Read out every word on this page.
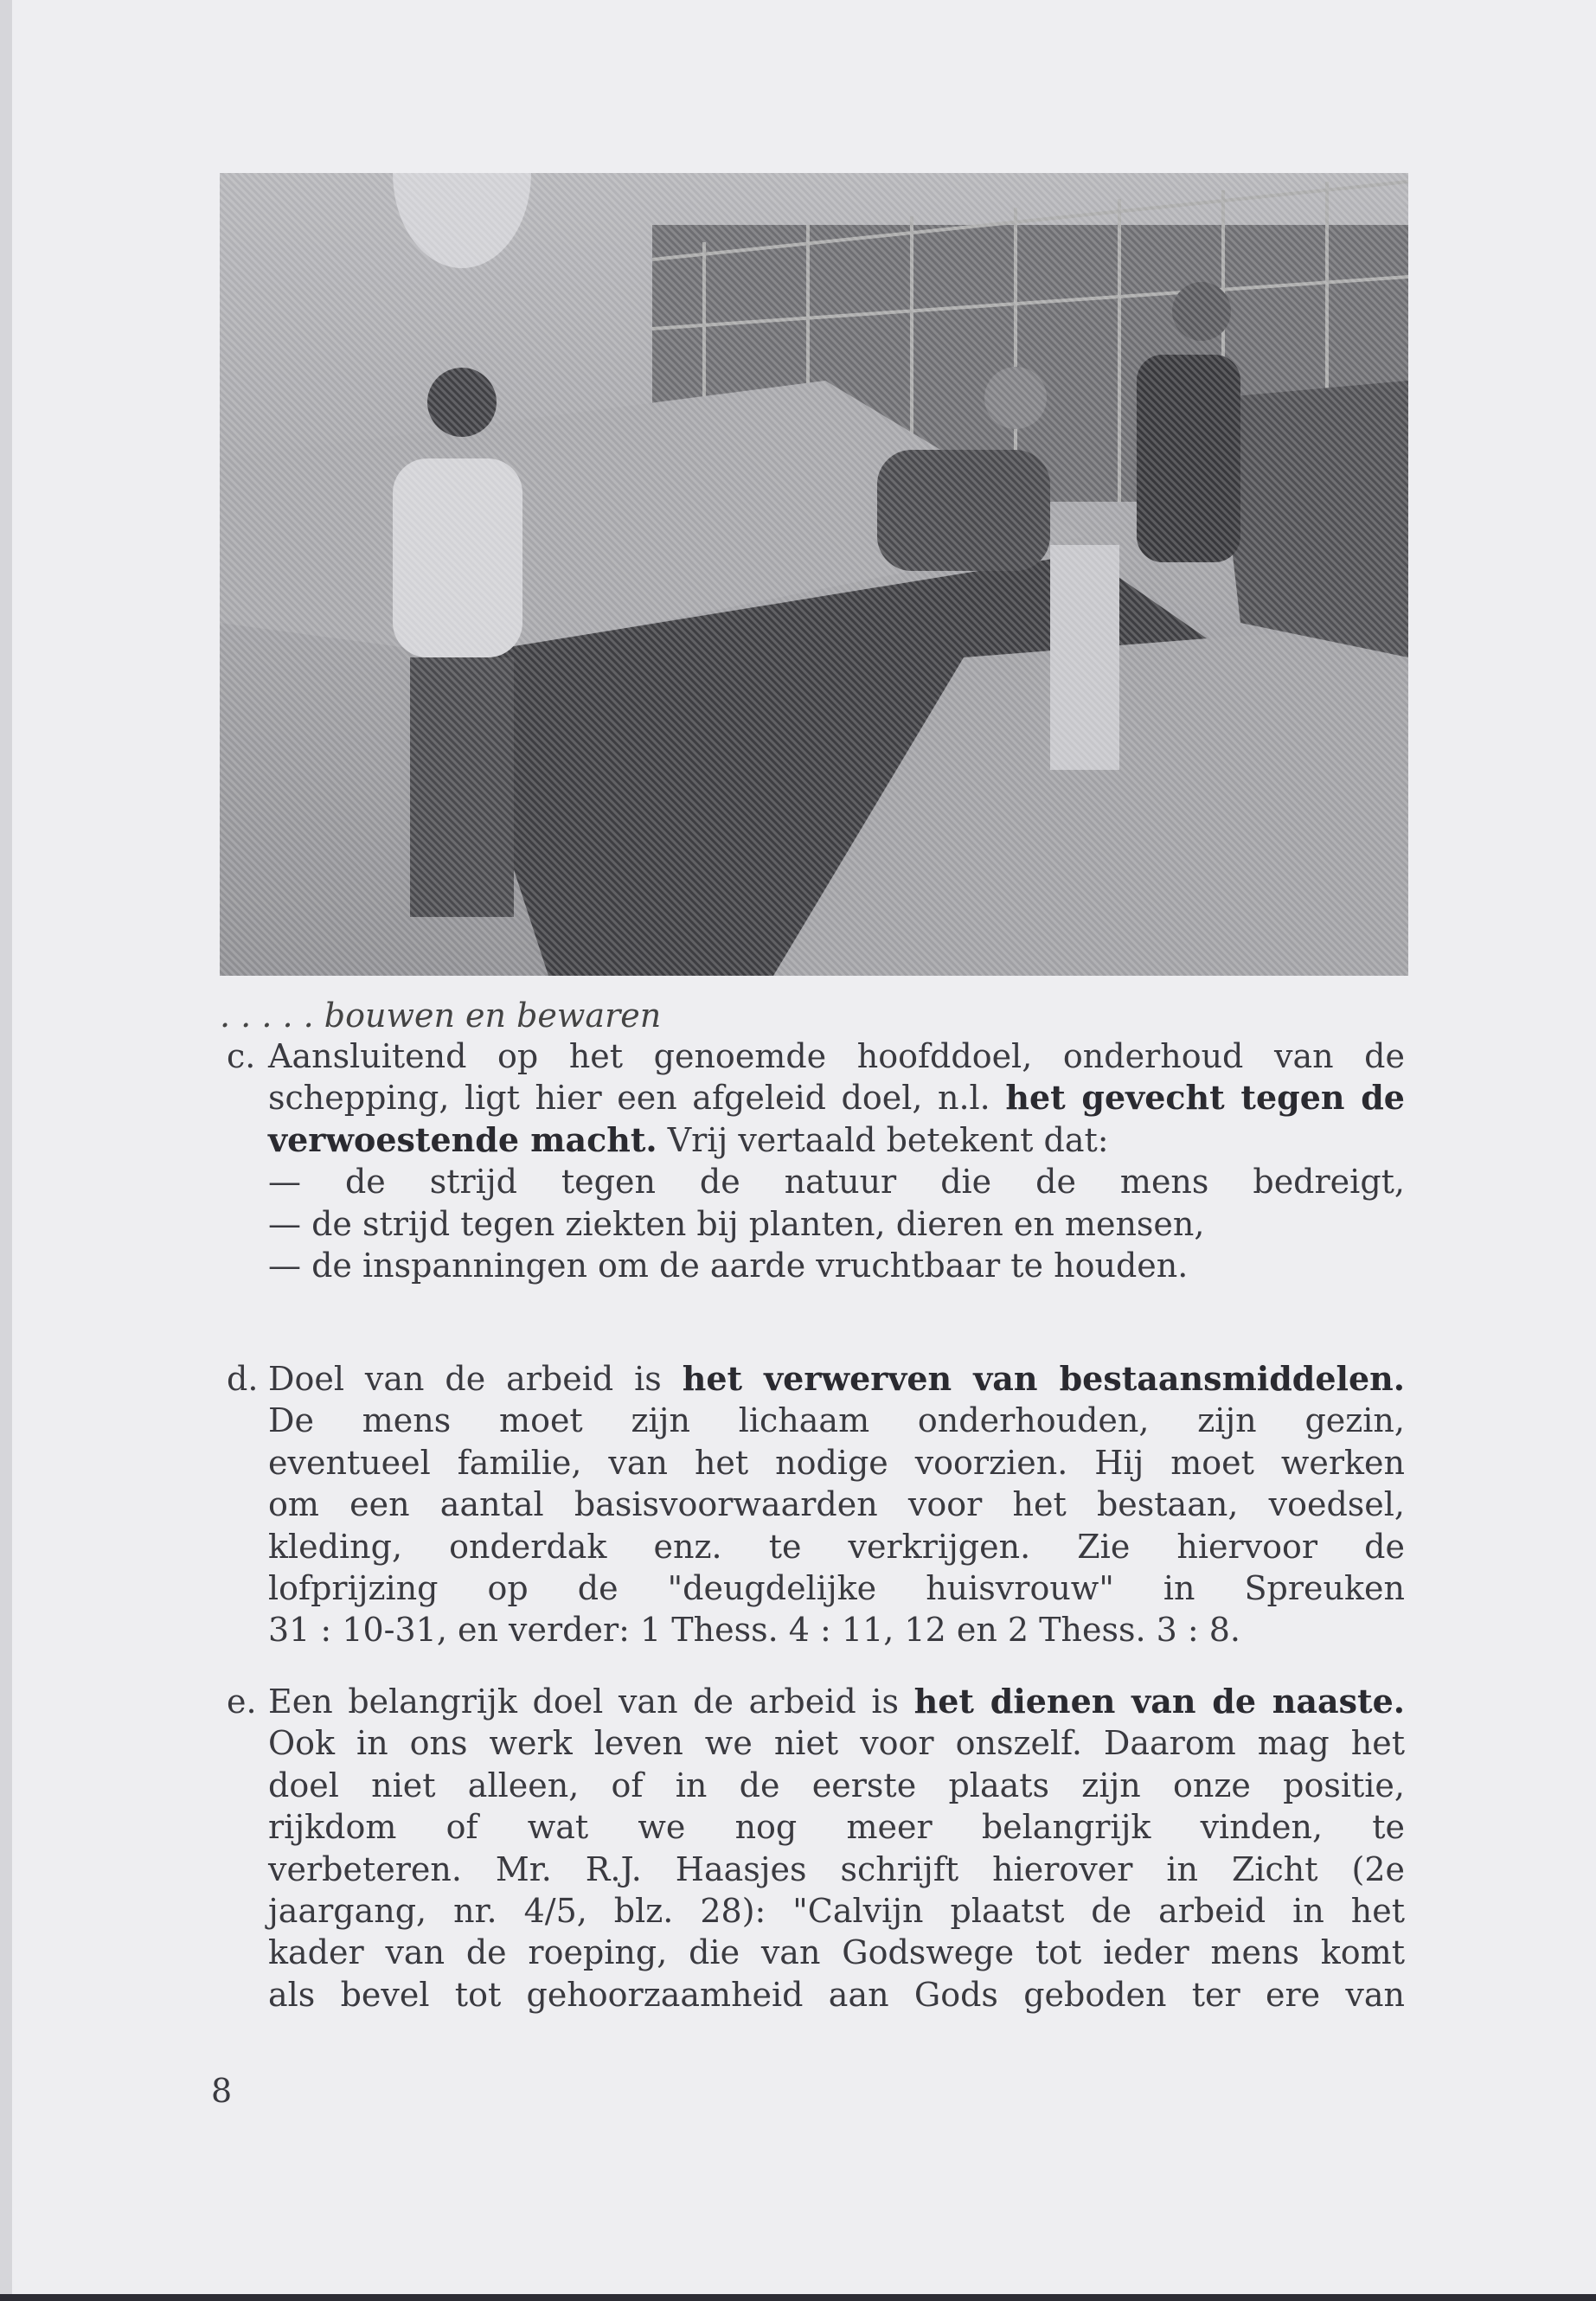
. . . . . bouwen en bewaren
c. Aansluitend op het genoemde hoofddoel, onderhoud van de
schepping, ligt hier een afgeleid doel, n.l. het gevecht tegen de
verwoestende macht. Vrij vertaald betekent dat:
— de strijd tegen de natuur die de mens bedreigt,
— de strijd tegen ziekten bij planten, dieren en mensen,
— de inspanningen om de aarde vruchtbaar te houden.
d. Doel van de arbeid is het verwerven van bestaansmiddelen.
De mens moet zijn lichaam onderhouden, zijn gezin,
eventueel familie, van het nodige voorzien. Hij moet werken
om een aantal basisvoorwaarden voor het bestaan, voedsel,
kleding, onderdak enz. te verkrijgen. Zie hiervoor de
lofprijzing op de "deugdelijke huisvrouw" in Spreuken
31 : 10-31, en verder: 1 Thess. 4 : 11, 12 en 2 Thess. 3 : 8.
e. Een belangrijk doel van de arbeid is het dienen van de naaste.
Ook in ons werk leven we niet voor onszelf. Daarom mag het
doel niet alleen, of in de eerste plaats zijn onze positie,
rijkdom of wat we nog meer belangrijk vinden, te
verbeteren. Mr. R.J. Haasjes schrijft hierover in Zicht (2e
jaargang, nr. 4/5, blz. 28): "Calvijn plaatst de arbeid in het
kader van de roeping, die van Godswege tot ieder mens komt
als bevel tot gehoorzaamheid aan Gods geboden ter ere van
8
